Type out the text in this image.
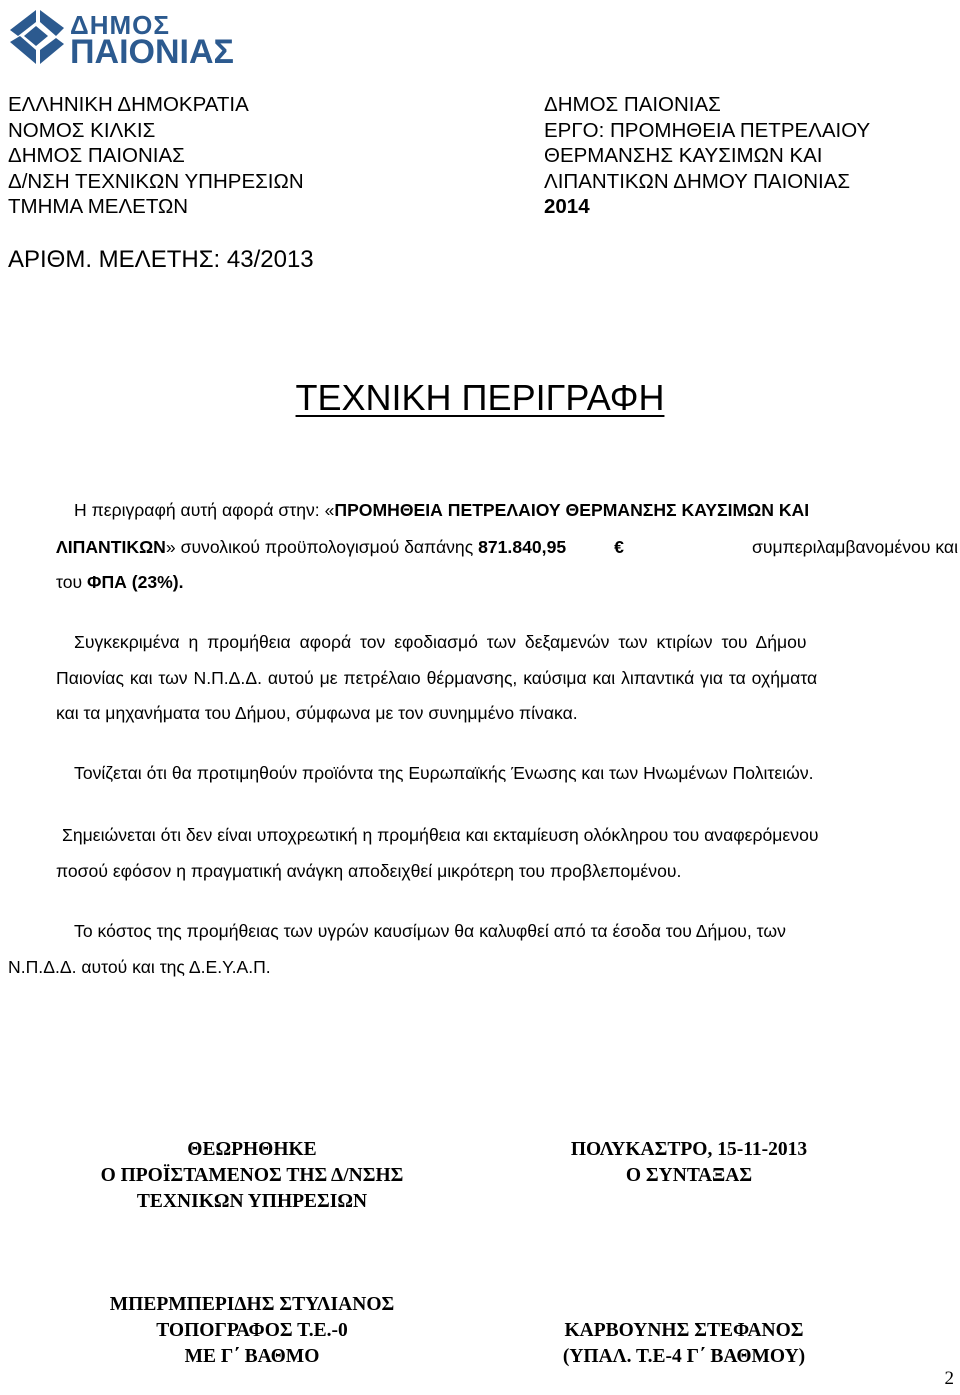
ΔΗΜΟΣ
ΠΑΙΟΝΙΑΣ
ΕΛΛΗΝΙΚΗ ΔΗΜΟΚΡΑΤΙΑ
ΝΟΜΟΣ ΚΙΛΚΙΣ
ΔΗΜΟΣ ΠΑΙΟΝΙΑΣ
Δ/ΝΣΗ ΤΕΧΝΙΚΩΝ ΥΠΗΡΕΣΙΩΝ
ΤΜΗΜΑ ΜΕΛΕΤΩΝ
ΔΗΜΟΣ ΠΑΙΟΝΙΑΣ
ΕΡΓΟ: ΠΡΟΜΗΘΕΙΑ ΠΕΤΡΕΛΑΙΟΥ
ΘΕΡΜΑΝΣΗΣ ΚΑΥΣΙΜΩΝ ΚΑΙ
ΛΙΠΑΝΤΙΚΩΝ ΔΗΜΟΥ ΠΑΙΟΝΙΑΣ
2014
ΑΡΙΘΜ. ΜΕΛΕΤΗΣ: 43/2013
ΤΕΧΝΙΚΗ ΠΕΡΙΓΡΑΦΗ
Η περιγραφή αυτή αφορά στην: «ΠΡΟΜΗΘΕΙΑ ΠΕΤΡΕΛΑΙΟΥ ΘΕΡΜΑΝΣΗΣ ΚΑΥΣΙΜΩΝ ΚΑΙ
ΛΙΠΑΝΤΙΚΩΝ» συνολικού προϋπολογισμού δαπάνης 871.840,95	€	συμπεριλαμβανομένου και
του ΦΠΑ (23%).
Συγκεκριμένα η προμήθεια αφορά τον εφοδιασμό των δεξαμενών των κτιρίων του Δήμου
Παιονίας και των Ν.Π.Δ.Δ. αυτού με πετρέλαιο θέρμανσης, καύσιμα και λιπαντικά για τα οχήματα
και τα μηχανήματα του Δήμου, σύμφωνα με τον συνημμένο πίνακα.
Τονίζεται ότι θα προτιμηθούν προϊόντα της Ευρωπαϊκής Ένωσης και των Ηνωμένων Πολιτειών.
Σημειώνεται ότι δεν είναι υποχρεωτική η προμήθεια και εκταμίευση ολόκληρου του αναφερόμενου
ποσού εφόσον η πραγματική ανάγκη αποδειχθεί μικρότερη του προβλεπομένου.
Το κόστος της προμήθειας των υγρών καυσίμων θα καλυφθεί από τα έσοδα του Δήμου, των
Ν.Π.Δ.Δ. αυτού και της Δ.Ε.Υ.Α.Π.
ΘΕΩΡΗΘΗΚΕ
Ο ΠΡΟΪΣΤΑΜΕΝΟΣ ΤΗΣ Δ/ΝΣΗΣ
ΤΕΧΝΙΚΩΝ ΥΠΗΡΕΣΙΩΝ
ΠΟΛΥΚΑΣΤΡΟ, 15-11-2013
Ο ΣΥΝΤΑΞΑΣ
ΜΠΕΡΜΠΕΡΙΔΗΣ ΣΤΥΛΙΑΝΟΣ
ΤΟΠΟΓΡΑΦΟΣ Τ.Ε.-0
ΜΕ Γ΄ ΒΑΘΜΟ
ΚΑΡΒΟΥΝΗΣ ΣΤΕΦΑΝΟΣ
(ΥΠΑΛ. Τ.Ε-4 Γ΄ ΒΑΘΜΟΥ)
2
